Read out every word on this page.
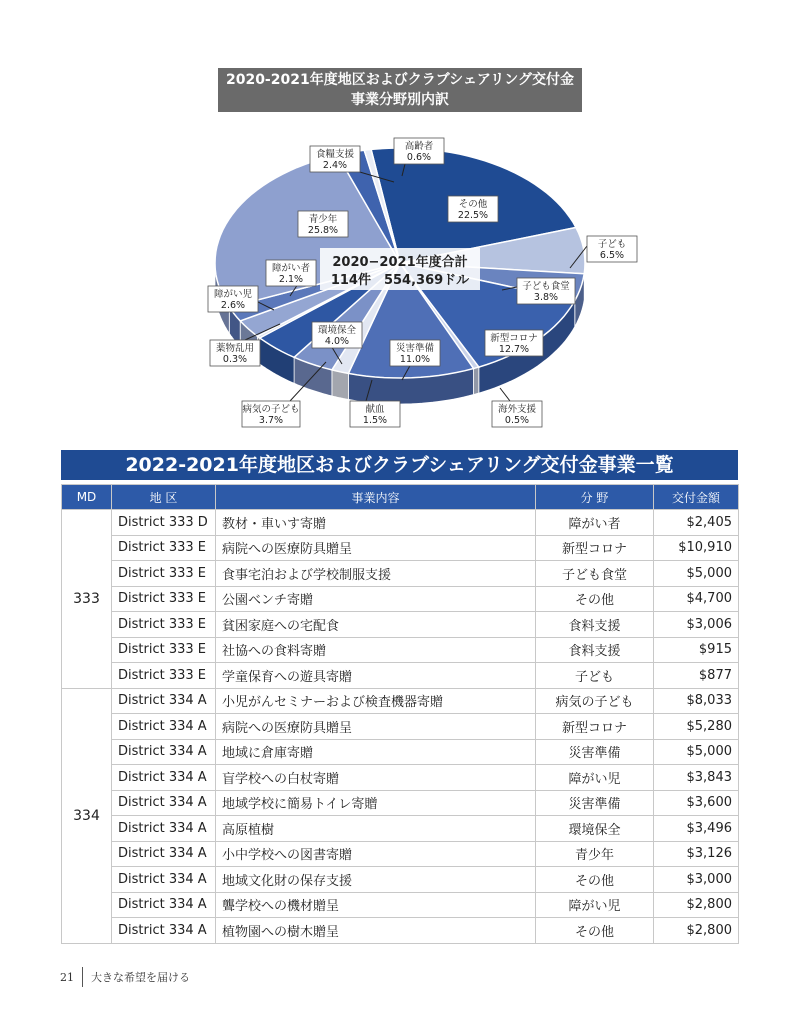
2020-2021年度地区およびクラブシェアリング交付金
事業分野別内訳
その他
22.5%
子ども
6.5%
子ども食堂
3.8%
新型コロナ
12.7%
海外支援
0.5%
災害準備
11.0%
献血
1.5%
病気の子ども
3.7%
環境保全
4.0%
薬物乱用
0.3%
障がい児
2.6%
障がい者
2.1%
青少年
25.8%
食糧支援
2.4%
高齢者
0.6%
2020−2021年度合計
114件　554,369ドル
2022-2021年度地区およびクラブシェアリング交付金事業一覧
MD	地 区	事業内容	分 野	交付金額
333	District 333 D	教材・車いす寄贈	障がい者	$2,405
	District 333 E	病院への医療防具贈呈	新型コロナ	$10,910
	District 333 E	食事宅泊および学校制服支援	子ども食堂	$5,000
	District 333 E	公園ベンチ寄贈	その他	$4,700
	District 333 E	貧困家庭への宅配食	食料支援	$3,006
	District 333 E	社協への食料寄贈	食料支援	$915
	District 333 E	学童保育への遊具寄贈	子ども	$877
334	District 334 A	小児がんセミナーおよび検査機器寄贈	病気の子ども	$8,033
	District 334 A	病院への医療防具贈呈	新型コロナ	$5,280
	District 334 A	地域に倉庫寄贈	災害準備	$5,000
	District 334 A	盲学校への白杖寄贈	障がい児	$3,843
	District 334 A	地域学校に簡易トイレ寄贈	災害準備	$3,600
	District 334 A	高原植樹	環境保全	$3,496
	District 334 A	小中学校への図書寄贈	青少年	$3,126
	District 334 A	地域文化財の保存支援	その他	$3,000
	District 334 A	聾学校への機材贈呈	障がい児	$2,800
	District 334 A	植物園への樹木贈呈	その他	$2,800
21 大きな希望を届ける
